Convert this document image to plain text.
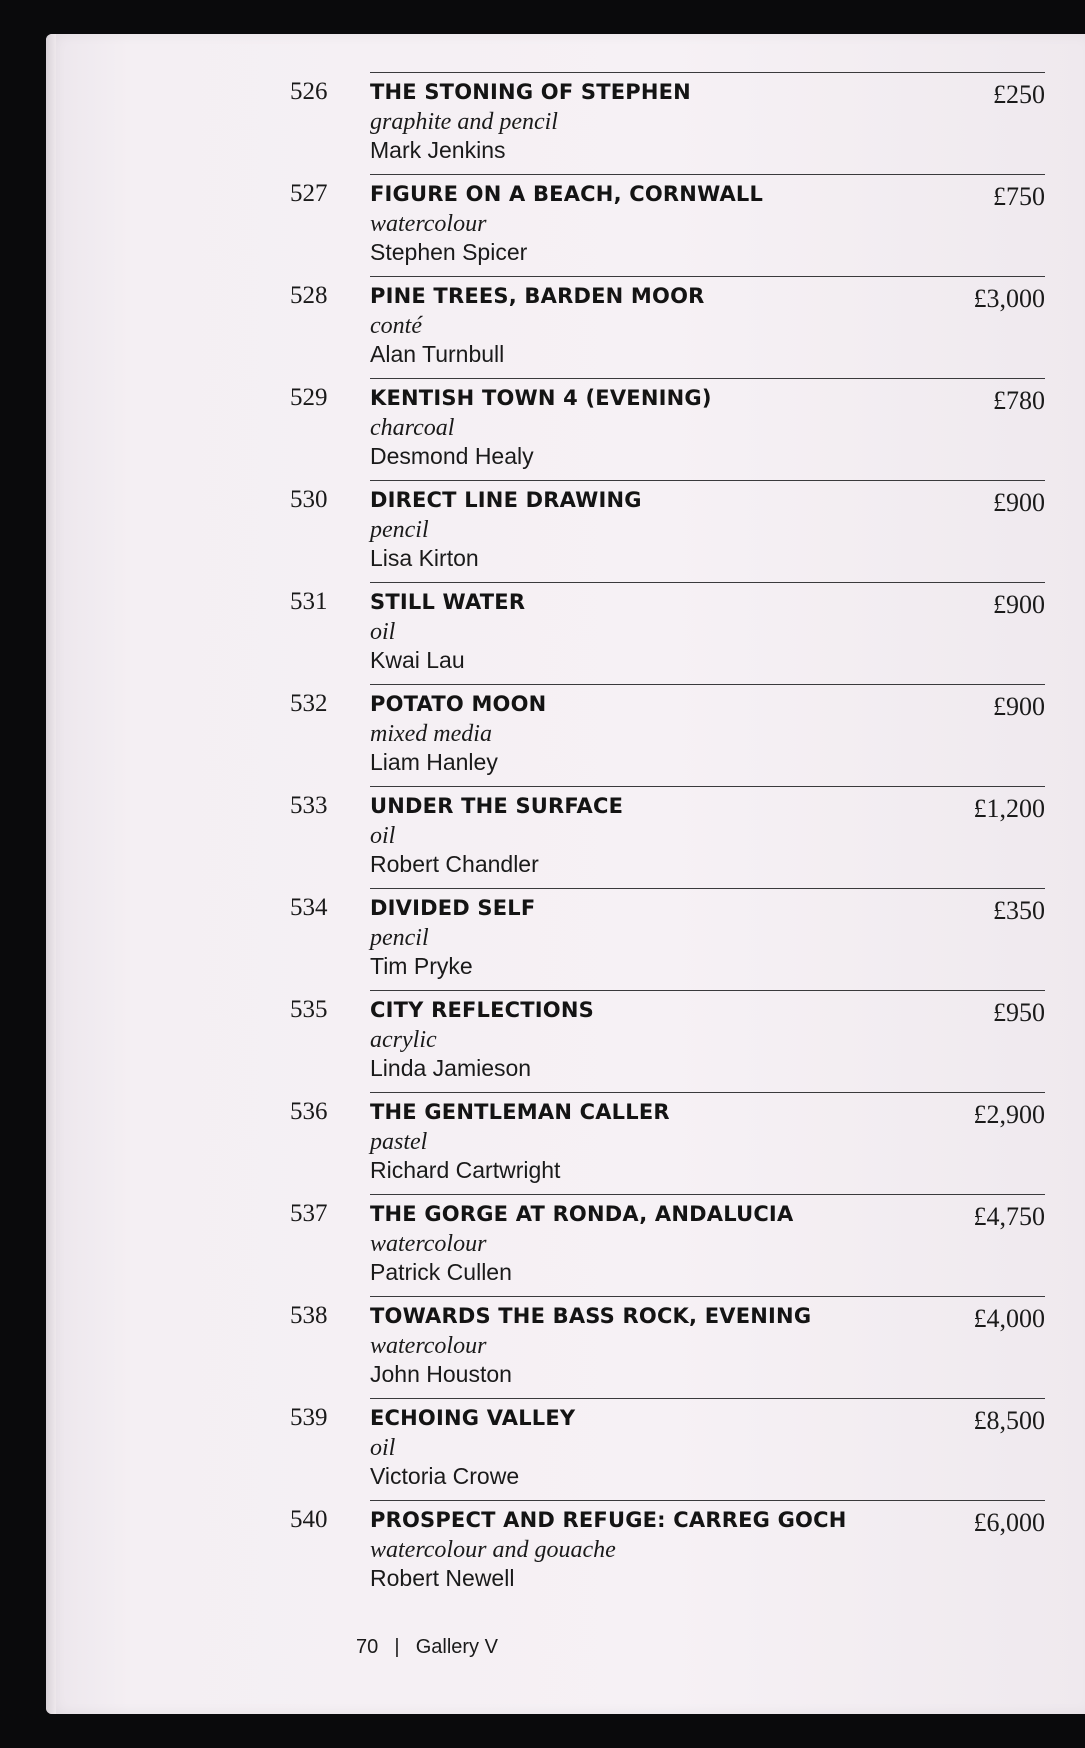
526 THE STONING OF STEPHEN
graphite and pencil
Mark Jenkins
£250
527 FIGURE ON A BEACH, CORNWALL
watercolour
Stephen Spicer
£750
528 PINE TREES, BARDEN MOOR
conté
Alan Turnbull
£3,000
529 KENTISH TOWN 4 (EVENING)
charcoal
Desmond Healy
£780
530 DIRECT LINE DRAWING
pencil
Lisa Kirton
£900
531 STILL WATER
oil
Kwai Lau
£900
532 POTATO MOON
mixed media
Liam Hanley
£900
533 UNDER THE SURFACE
oil
Robert Chandler
£1,200
534 DIVIDED SELF
pencil
Tim Pryke
£350
535 CITY REFLECTIONS
acrylic
Linda Jamieson
£950
536 THE GENTLEMAN CALLER
pastel
Richard Cartwright
£2,900
537 THE GORGE AT RONDA, ANDALUCIA
watercolour
Patrick Cullen
£4,750
538 TOWARDS THE BASS ROCK, EVENING
watercolour
John Houston
£4,000
539 ECHOING VALLEY
oil
Victoria Crowe
£8,500
540 PROSPECT AND REFUGE: CARREG GOCH
watercolour and gouache
Robert Newell
£6,000
70 | Gallery V
